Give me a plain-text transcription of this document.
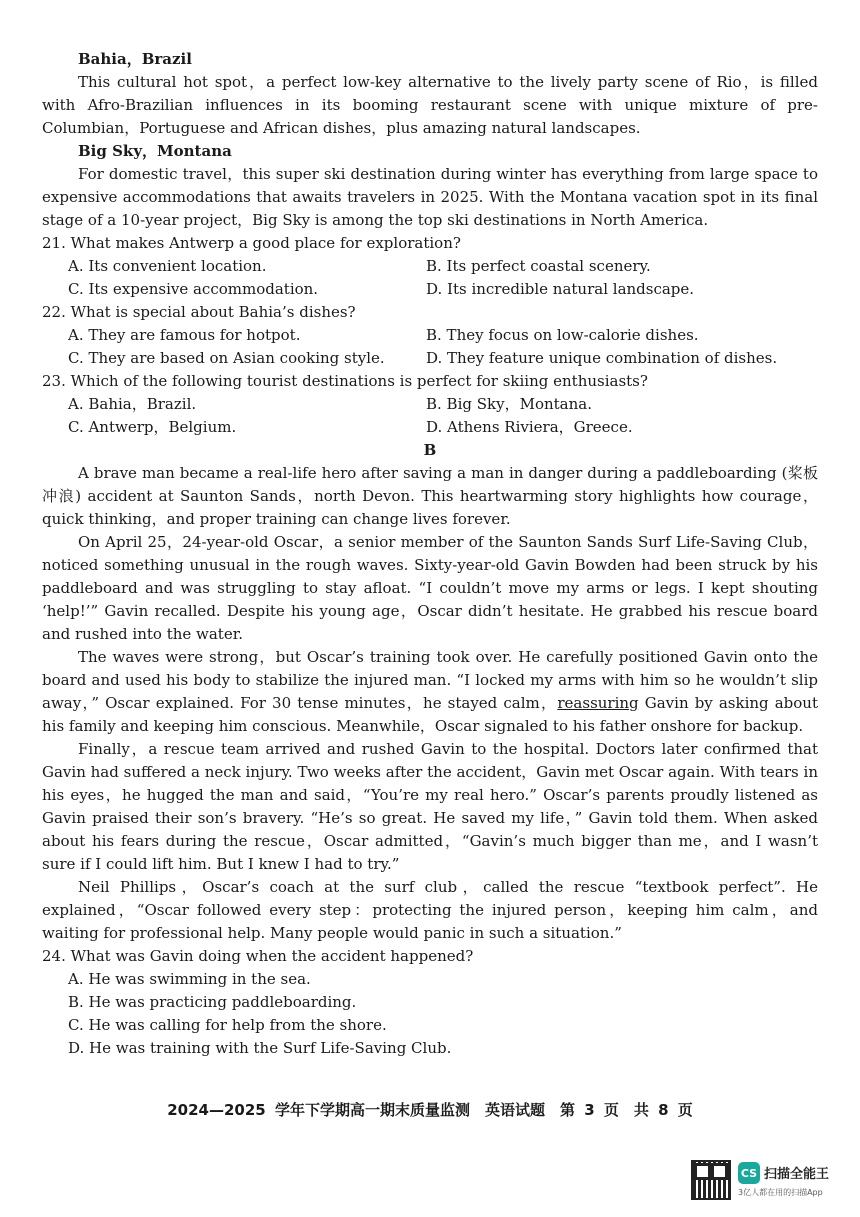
Bahia，Brazil

This cultural hot spot，a perfect low-key alternative to the lively party scene of Rio，is filled with Afro-Brazilian influences in its booming restaurant scene with unique mixture of pre-Columbian，Portuguese and African dishes，plus amazing natural landscapes.

Big Sky，Montana

For domestic travel，this super ski destination during winter has everything from large space to expensive accommodations that awaits travelers in 2025. With the Montana vacation spot in its final stage of a 10-year project，Big Sky is among the top ski destinations in North America.

21. What makes Antwerp a good place for exploration?

A. Its convenient location.	B. Its perfect coastal scenery.
C. Its expensive accommodation.	D. Its incredible natural landscape.

22. What is special about Bahia’s dishes?

A. They are famous for hotpot.	B. They focus on low-calorie dishes.
C. They are based on Asian cooking style.	D. They feature unique combination of dishes.

23. Which of the following tourist destinations is perfect for skiing enthusiasts?

A. Bahia，Brazil.	B. Big Sky，Montana.
C. Antwerp，Belgium.	D. Athens Riviera，Greece.
B

A brave man became a real-life hero after saving a man in danger during a paddleboarding (桨板冲浪) accident at Saunton Sands，north Devon. This heartwarming story highlights how courage，quick thinking，and proper training can change lives forever.

On April 25，24-year-old Oscar，a senior member of the Saunton Sands Surf Life-Saving Club，noticed something unusual in the rough waves. Sixty-year-old Gavin Bowden had been struck by his paddleboard and was struggling to stay afloat. “I couldn’t move my arms or legs. I kept shouting ‘help!’” Gavin recalled. Despite his young age，Oscar didn’t hesitate. He grabbed his rescue board and rushed into the water.

The waves were strong，but Oscar’s training took over. He carefully positioned Gavin onto the board and used his body to stabilize the injured man. “I locked my arms with him so he wouldn’t slip away，” Oscar explained. For 30 tense minutes，he stayed calm，reassuring Gavin by asking about his family and keeping him conscious. Meanwhile，Oscar signaled to his father onshore for backup.

Finally，a rescue team arrived and rushed Gavin to the hospital. Doctors later confirmed that Gavin had suffered a neck injury. Two weeks after the accident，Gavin met Oscar again. With tears in his eyes，he hugged the man and said，“You’re my real hero.” Oscar’s parents proudly listened as Gavin praised their son’s bravery. “He’s so great. He saved my life，” Gavin told them. When asked about his fears during the rescue，Oscar admitted，“Gavin’s much bigger than me，and I wasn’t sure if I could lift him. But I knew I had to try.”

Neil Phillips，Oscar’s coach at the surf club，called the rescue “textbook perfect”. He explained，“Oscar followed every step：protecting the injured person，keeping him calm，and waiting for professional help. Many people would panic in such a situation.”

24. What was Gavin doing when the accident happened?

A. He was swimming in the sea.
B. He was practicing paddleboarding.
C. He was calling for help from the shore.
D. He was training with the Surf Life-Saving Club.
2024—2025 学年下学期高一期末质量监测　英语试题　第 3 页　共 8 页
CS 扫描全能王
3亿人都在用的扫描App
